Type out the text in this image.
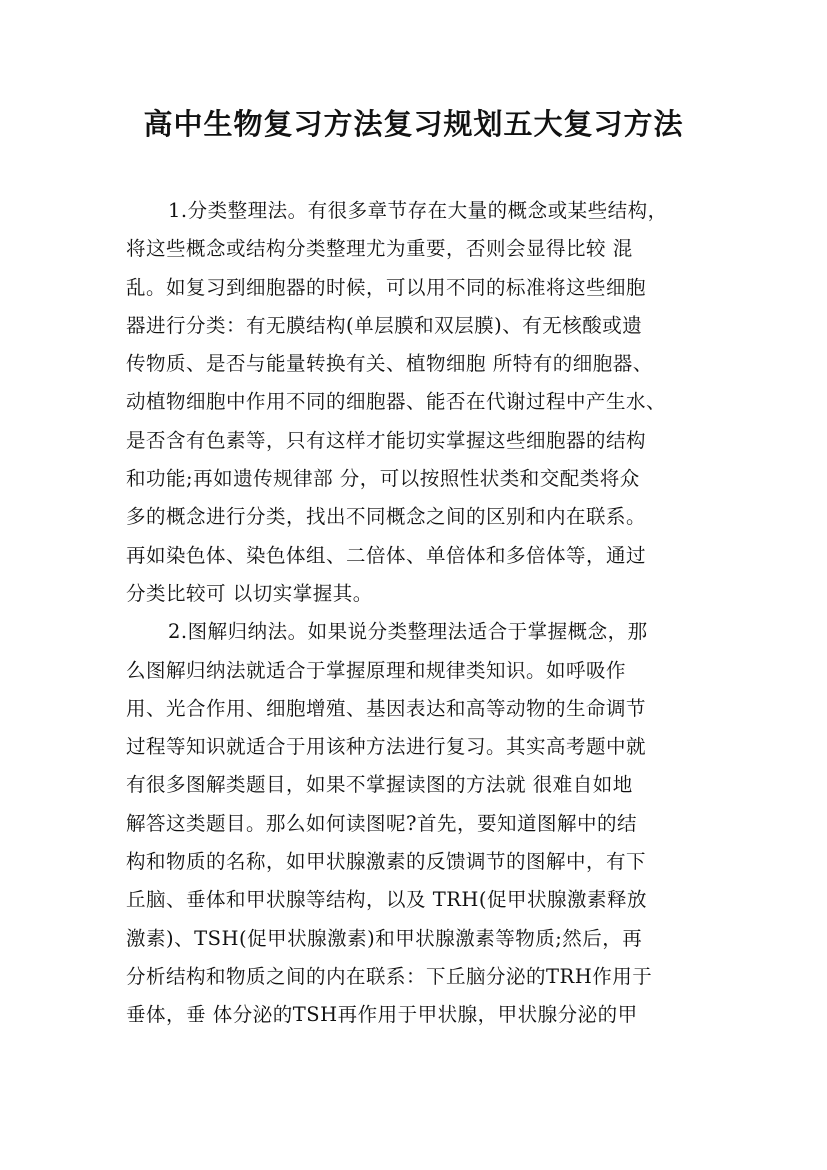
高中生物复习方法复习规划五大复习方法
1.分类整理法。有很多章节存在大量的概念或某些结构，
将这些概念或结构分类整理尤为重要，否则会显得比较 混
乱。如复习到细胞器的时候，可以用不同的标准将这些细胞
器进行分类：有无膜结构(单层膜和双层膜)、有无核酸或遗
传物质、是否与能量转换有关、植物细胞 所特有的细胞器、
动植物细胞中作用不同的细胞器、能否在代谢过程中产生水、
是否含有色素等，只有这样才能切实掌握这些细胞器的结构
和功能;再如遗传规律部 分，可以按照性状类和交配类将众
多的概念进行分类，找出不同概念之间的区别和内在联系。
再如染色体、染色体组、二倍体、单倍体和多倍体等，通过
分类比较可 以切实掌握其。
2.图解归纳法。如果说分类整理法适合于掌握概念，那
么图解归纳法就适合于掌握原理和规律类知识。如呼吸作
用、光合作用、细胞增殖、基因表达和高等动物的生命调节
过程等知识就适合于用该种方法进行复习。其实高考题中就
有很多图解类题目，如果不掌握读图的方法就 很难自如地
解答这类题目。那么如何读图呢?首先，要知道图解中的结
构和物质的名称，如甲状腺激素的反馈调节的图解中，有下
丘脑、垂体和甲状腺等结构，以及 TRH(促甲状腺激素释放
激素)、TSH(促甲状腺激素)和甲状腺激素等物质;然后，再
分析结构和物质之间的内在联系：下丘脑分泌的TRH作用于
垂体，垂 体分泌的TSH再作用于甲状腺，甲状腺分泌的甲
